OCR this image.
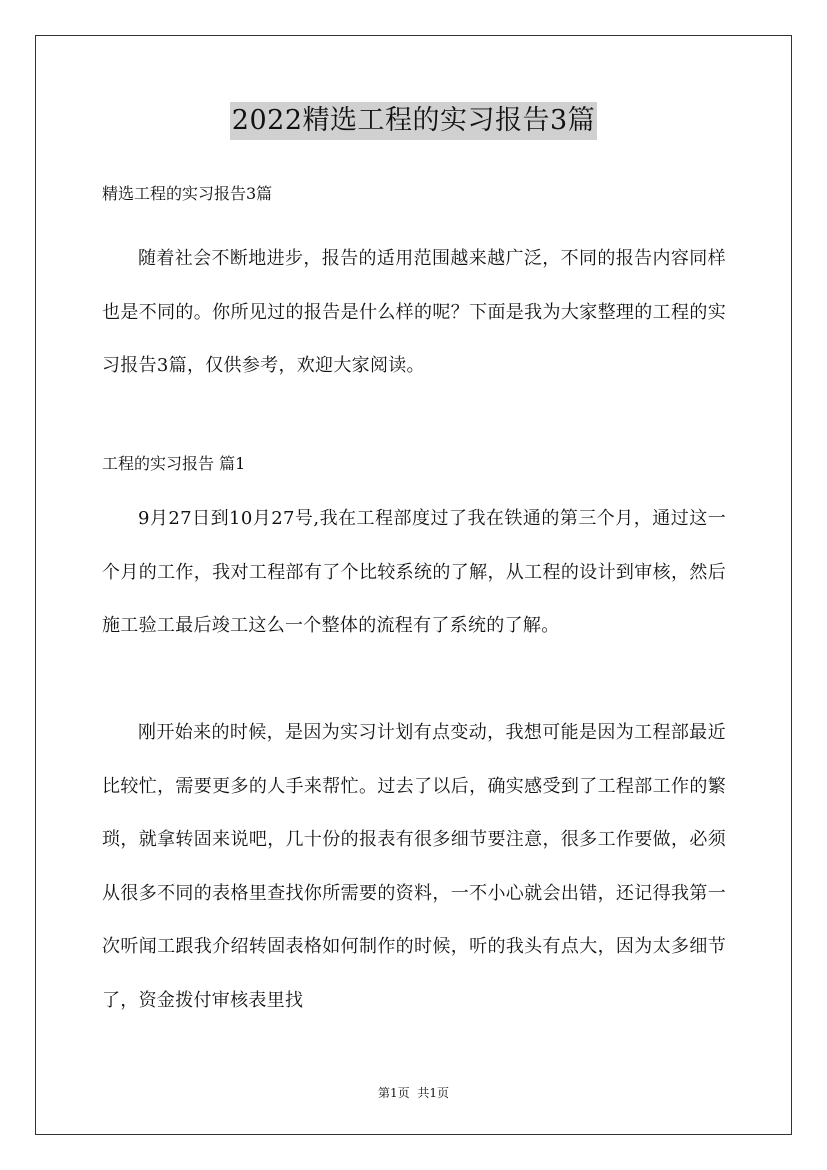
2022精选工程的实习报告3篇
精选工程的实习报告3篇

随着社会不断地进步，报告的适用范围越来越广泛，不同的报告内容同样也是不同的。你所见过的报告是什么样的呢？下面是我为大家整理的工程的实习报告3篇，仅供参考，欢迎大家阅读。

工程的实习报告 篇1

9月27日到10月27号,我在工程部度过了我在铁通的第三个月，通过这一个月的工作，我对工程部有了个比较系统的了解，从工程的设计到审核，然后施工验工最后竣工这么一个整体的流程有了系统的了解。

刚开始来的时候，是因为实习计划有点变动，我想可能是因为工程部最近比较忙，需要更多的人手来帮忙。过去了以后，确实感受到了工程部工作的繁琐，就拿转固来说吧，几十份的报表有很多细节要注意，很多工作要做，必须从很多不同的表格里查找你所需要的资料，一不小心就会出错，还记得我第一次听闻工跟我介绍转固表格如何制作的时候，听的我头有点大，因为太多细节了，资金拨付审核表里找

第1页 共1页
